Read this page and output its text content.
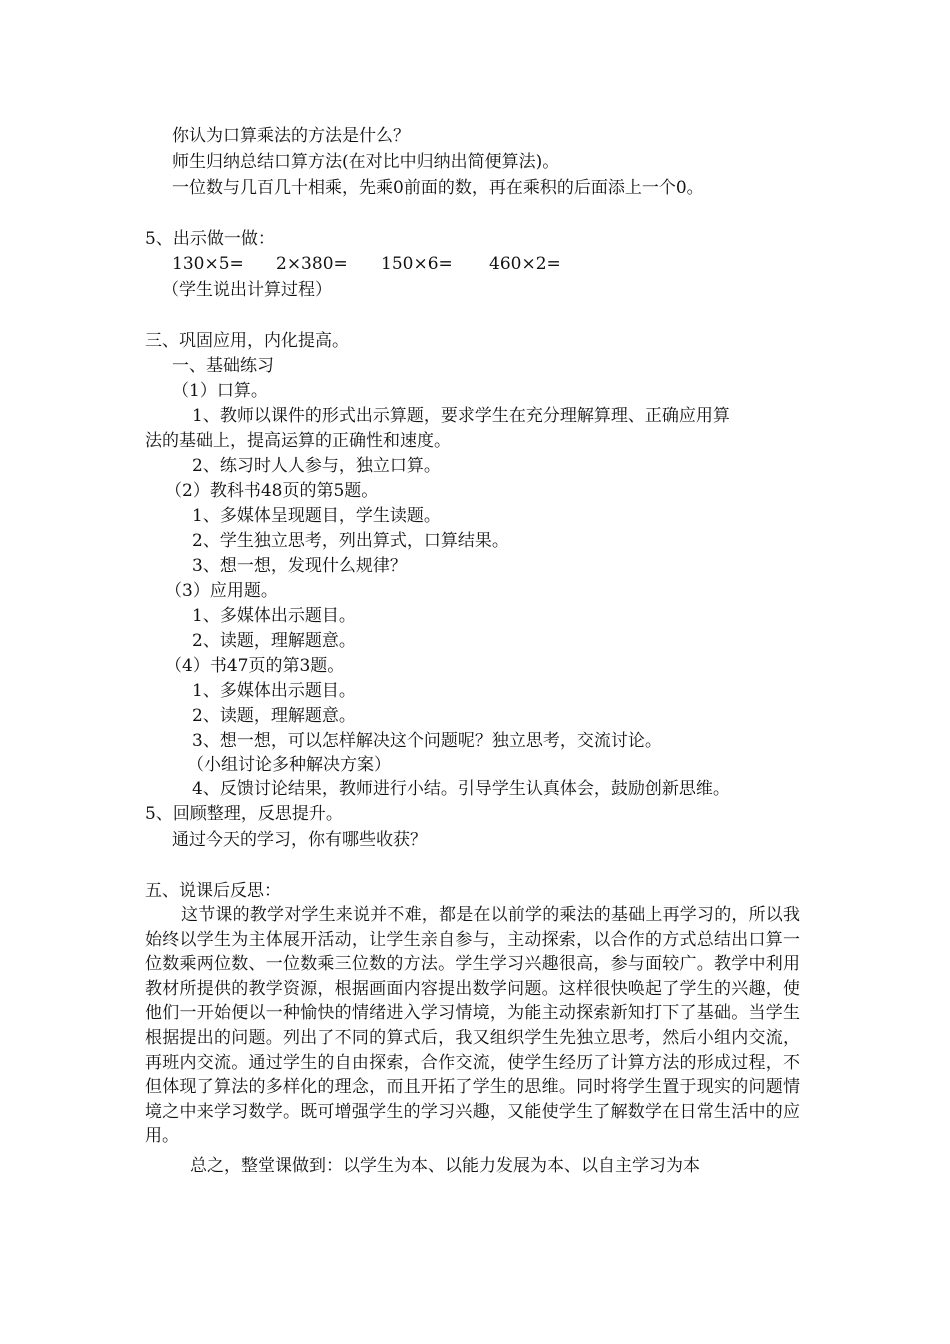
你认为口算乘法的方法是什么？
师生归纳总结口算方法(在对比中归纳出简便算法)。
一位数与几百几十相乘，先乘0前面的数，再在乘积的后面添上一个0。
5、出示做一做：
130×5= 2×380= 150×6= 460×2=
（学生说出计算过程）
三、巩固应用，内化提高。
一、基础练习
（1）口算。
1、教师以课件的形式出示算题，要求学生在充分理解算理、正确应用算
法的基础上，提高运算的正确性和速度。
2、练习时人人参与，独立口算。
（2）教科书48页的第5题。
1、多媒体呈现题目，学生读题。
2、学生独立思考，列出算式，口算结果。
3、想一想，发现什么规律？
（3）应用题。
1、多媒体出示题目。
2、读题，理解题意。
（4）书47页的第3题。
1、多媒体出示题目。
2、读题，理解题意。
3、想一想，可以怎样解决这个问题呢？独立思考，交流讨论。
（小组讨论多种解决方案）
4、反馈讨论结果，教师进行小结。引导学生认真体会，鼓励创新思维。
5、回顾整理，反思提升。
通过今天的学习，你有哪些收获？
五、说课后反思：
这节课的教学对学生来说并不难，都是在以前学的乘法的基础上再学习的，所以我始终以学生为主体展开活动，让学生亲自参与，主动探索，以合作的方式总结出口算一位数乘两位数、一位数乘三位数的方法。学生学习兴趣很高，参与面较广。教学中利用教材所提供的教学资源，根据画面内容提出数学问题。这样很快唤起了学生的兴趣，使他们一开始便以一种愉快的情绪进入学习情境，为能主动探索新知打下了基础。当学生根据提出的问题。列出了不同的算式后，我又组织学生先独立思考，然后小组内交流，再班内交流。通过学生的自由探索，合作交流，使学生经历了计算方法的形成过程，不但体现了算法的多样化的理念，而且开拓了学生的思维。同时将学生置于现实的问题情境之中来学习数学。既可增强学生的学习兴趣，又能使学生了解数学在日常生活中的应用。
总之，整堂课做到：以学生为本、以能力发展为本、以自主学习为本
